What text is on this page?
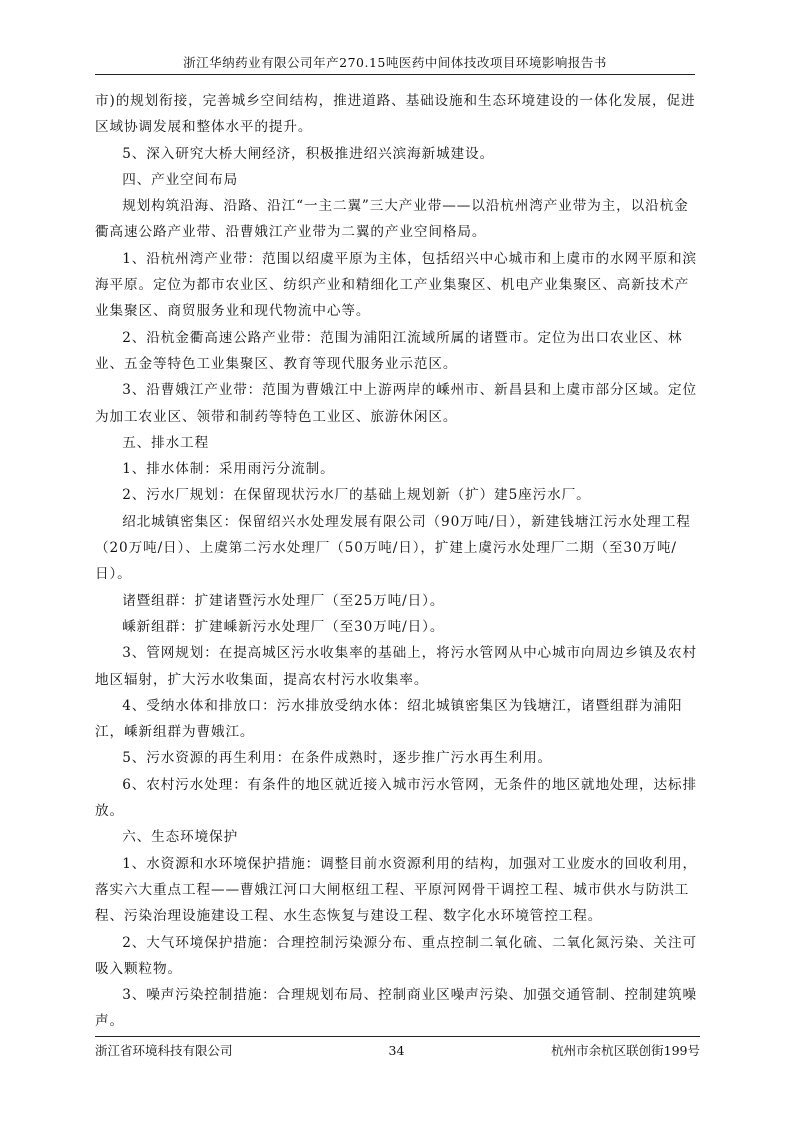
浙江华纳药业有限公司年产270.15吨医药中间体技改项目环境影响报告书

市)的规划衔接，完善城乡空间结构，推进道路、基础设施和生态环境建设的一体化发展，促进区域协调发展和整体水平的提升。

5、深入研究大桥大闸经济，积极推进绍兴滨海新城建设。

四、产业空间布局

规划构筑沿海、沿路、沿江“一主二翼”三大产业带——以沿杭州湾产业带为主，以沿杭金衢高速公路产业带、沿曹娥江产业带为二翼的产业空间格局。

1、沿杭州湾产业带：范围以绍虞平原为主体，包括绍兴中心城市和上虞市的水网平原和滨海平原。定位为都市农业区、纺织产业和精细化工产业集聚区、机电产业集聚区、高新技术产业集聚区、商贸服务业和现代物流中心等。

2、沿杭金衢高速公路产业带：范围为浦阳江流域所属的诸暨市。定位为出口农业区、林业、五金等特色工业集聚区、教育等现代服务业示范区。

3、沿曹娥江产业带：范围为曹娥江中上游两岸的嵊州市、新昌县和上虞市部分区域。定位为加工农业区、领带和制药等特色工业区、旅游休闲区。

五、排水工程

1、排水体制：采用雨污分流制。

2、污水厂规划：在保留现状污水厂的基础上规划新（扩）建5座污水厂。

绍北城镇密集区：保留绍兴水处理发展有限公司（90万吨/日），新建钱塘江污水处理工程（20万吨/日）、上虞第二污水处理厂（50万吨/日），扩建上虞污水处理厂二期（至30万吨/日）。

诸暨组群：扩建诸暨污水处理厂（至25万吨/日）。

嵊新组群：扩建嵊新污水处理厂（至30万吨/日）。

3、管网规划：在提高城区污水收集率的基础上，将污水管网从中心城市向周边乡镇及农村地区辐射，扩大污水收集面，提高农村污水收集率。

4、受纳水体和排放口：污水排放受纳水体：绍北城镇密集区为钱塘江，诸暨组群为浦阳江，嵊新组群为曹娥江。

5、污水资源的再生利用：在条件成熟时，逐步推广污水再生利用。

6、农村污水处理：有条件的地区就近接入城市污水管网，无条件的地区就地处理，达标排放。

六、生态环境保护

1、水资源和水环境保护措施：调整目前水资源利用的结构，加强对工业废水的回收利用，落实六大重点工程——曹娥江河口大闸枢纽工程、平原河网骨干调控工程、城市供水与防洪工程、污染治理设施建设工程、水生态恢复与建设工程、数字化水环境管控工程。

2、大气环境保护措施：合理控制污染源分布、重点控制二氧化硫、二氧化氮污染、关注可吸入颗粒物。

3、噪声污染控制措施：合理规划布局、控制商业区噪声污染、加强交通管制、控制建筑噪声。

浙江省环境科技有限公司	34	杭州市余杭区联创街199号
